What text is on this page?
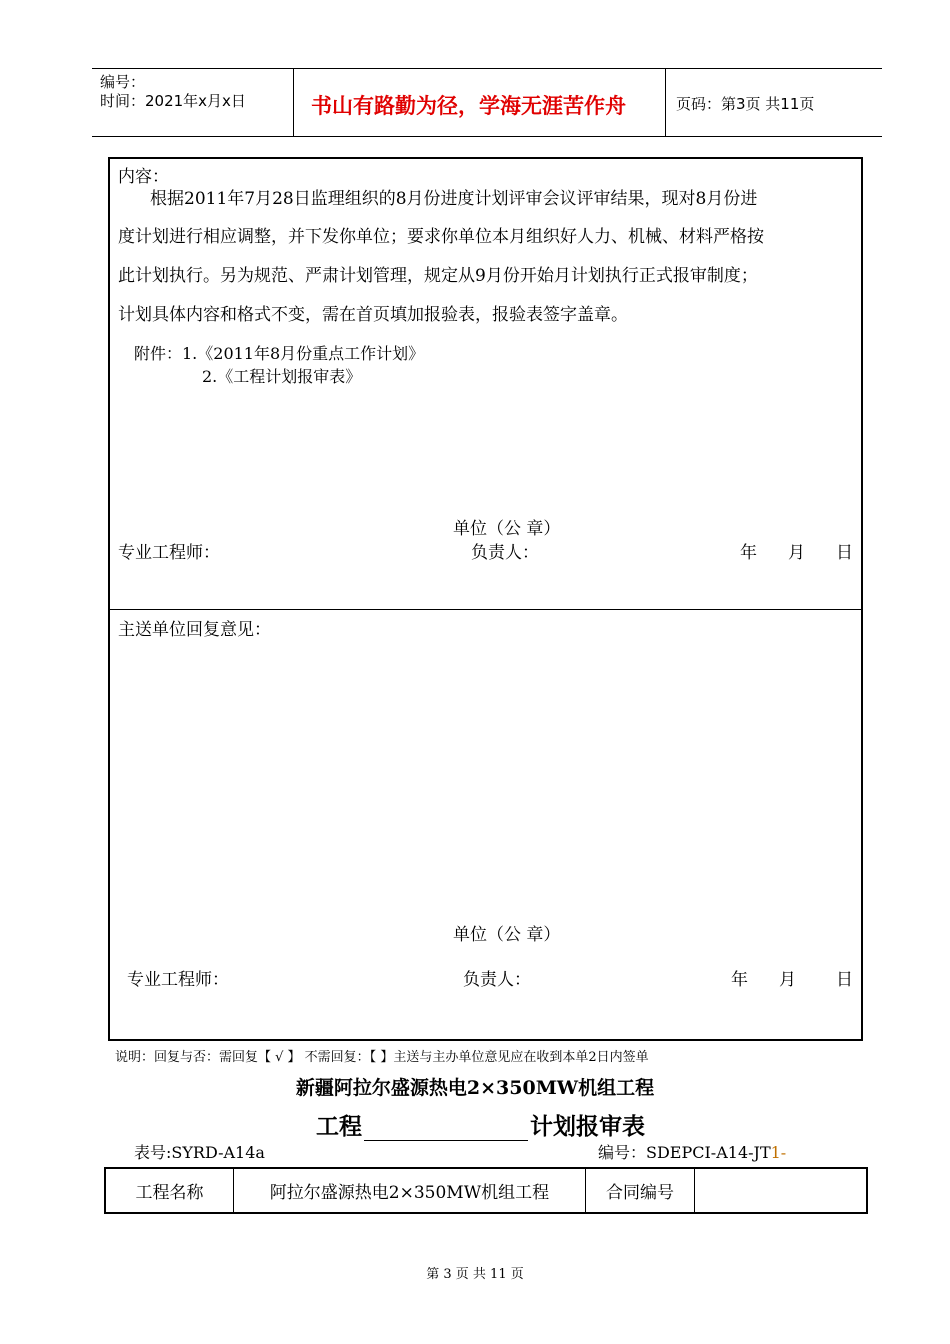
编号：
时间：2021年x月x日	书山有路勤为径，学海无涯苦作舟	页码：第3页 共11页
内容：
根据2011年7月28日监理组织的8月份进度计划评审会议评审结果，现对8月份进
度计划进行相应调整，并下发你单位；要求你单位本月组织好人力、机械、材料严格按
此计划执行。另为规范、严肃计划管理，规定从9月份开始月计划执行正式报审制度；
计划具体内容和格式不变，需在首页填加报验表，报验表签字盖章。
附件：1.《2011年8月份重点工作计划》
2.《工程计划报审表》
单位（公 章）
专业工程师：	负责人：	年 月 日
主送单位回复意见：
单位（公 章）
专业工程师：	负责人：	年 月 日
说明：回复与否：需回复【 √ 】 不需回复：【 】主送与主办单位意见应在收到本单2日内签单
新疆阿拉尔盛源热电2×350MW机组工程
工程	计划报审表
表号:SYRD-A14a	编号：SDEPCI-A14-JT1-
工程名称	阿拉尔盛源热电2×350MW机组工程	合同编号
第 3 页 共 11 页
